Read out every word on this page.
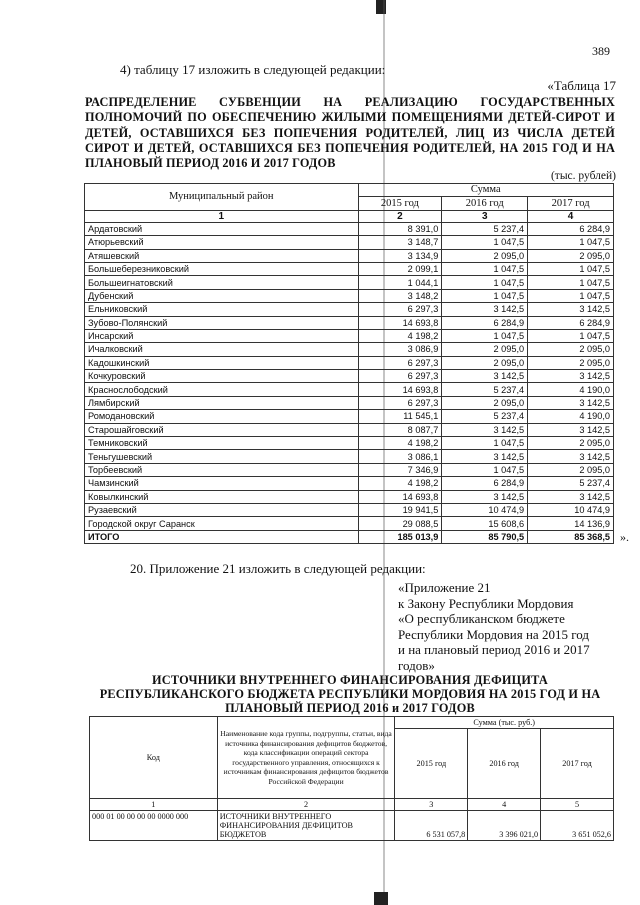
389
4) таблицу 17 изложить в следующей редакции:
«Таблица 17
РАСПРЕДЕЛЕНИЕ СУБВЕНЦИИ НА РЕАЛИЗАЦИЮ ГОСУДАРСТВЕННЫХ ПОЛНОМОЧИЙ ПО ОБЕСПЕЧЕНИЮ ЖИЛЫМИ ПОМЕЩЕНИЯМИ ДЕТЕЙ-СИРОТ И ДЕТЕЙ, ОСТАВШИХСЯ БЕЗ ПОПЕЧЕНИЯ РОДИТЕЛЕЙ, ЛИЦ ИЗ ЧИСЛА ДЕТЕЙ СИРОТ И ДЕТЕЙ, ОСТАВШИХСЯ БЕЗ ПОПЕЧЕНИЯ РОДИТЕЛЕЙ, НА 2015 ГОД И НА ПЛАНОВЫЙ ПЕРИОД 2016 И 2017 ГОДОВ
(тыс. рублей)
Муниципальный район	Сумма		
	2015 год	2016 год	2017 год
1	2	3	4
Ардатовский	8 391,0	5 237,4	6 284,9
Атюрьевский	3 148,7	1 047,5	1 047,5
Атяшевский	3 134,9	2 095,0	2 095,0
Большеберезниковский	2 099,1	1 047,5	1 047,5
Большеигнатовский	1 044,1	1 047,5	1 047,5
Дубенский	3 148,2	1 047,5	1 047,5
Ельниковский	6 297,3	3 142,5	3 142,5
Зубово-Полянский	14 693,8	6 284,9	6 284,9
Инсарский	4 198,2	1 047,5	1 047,5
Ичалковский	3 086,9	2 095,0	2 095,0
Кадошкинский	6 297,3	2 095,0	2 095,0
Кочкуровский	6 297,3	3 142,5	3 142,5
Краснослободский	14 693,8	5 237,4	4 190,0
Лямбирский	6 297,3	2 095,0	3 142,5
Ромодановский	11 545,1	5 237,4	4 190,0
Старошайговский	8 087,7	3 142,5	3 142,5
Темниковский	4 198,2	1 047,5	2 095,0
Теньгушевский	3 086,1	3 142,5	3 142,5
Торбеевский	7 346,9	1 047,5	2 095,0
Чамзинский	4 198,2	6 284,9	5 237,4
Ковылкинский	14 693,8	3 142,5	3 142,5
Рузаевский	19 941,5	10 474,9	10 474,9
Городской округ Саранск	29 088,5	15 608,6	14 136,9
ИТОГО	185 013,9	85 790,5	85 368,5 ».
20. Приложение 21 изложить в следующей редакции:
«Приложение 21
к Закону Республики Мордовия
«О республиканском бюджете
Республики Мордовия на 2015 год
и на плановый период 2016 и 2017
годов»
ИСТОЧНИКИ ВНУТРЕННЕГО ФИНАНСИРОВАНИЯ ДЕФИЦИТА
РЕСПУБЛИКАНСКОГО БЮДЖЕТА РЕСПУБЛИКИ МОРДОВИЯ НА 2015 ГОД И НА
ПЛАНОВЫЙ ПЕРИОД 2016 и 2017 ГОДОВ
Код	Наименование кода группы, подгруппы, статьи, вида источника финансирования дефицитов бюджетов, кода классификации операций сектора государственного управления, относящихся к источникам финансирования дефицитов бюджетов Российской Федерации	Сумма (тыс. руб.)		
		2015 год	2016 год	2017 год
1	2	3	4	5
000 01 00 00 00 00 0000 000	ИСТОЧНИКИ ВНУТРЕННЕГО ФИНАНСИРОВАНИЯ ДЕФИЦИТОВ БЮДЖЕТОВ	6 531 057,8	3 396 021,0	3 651 052,6
